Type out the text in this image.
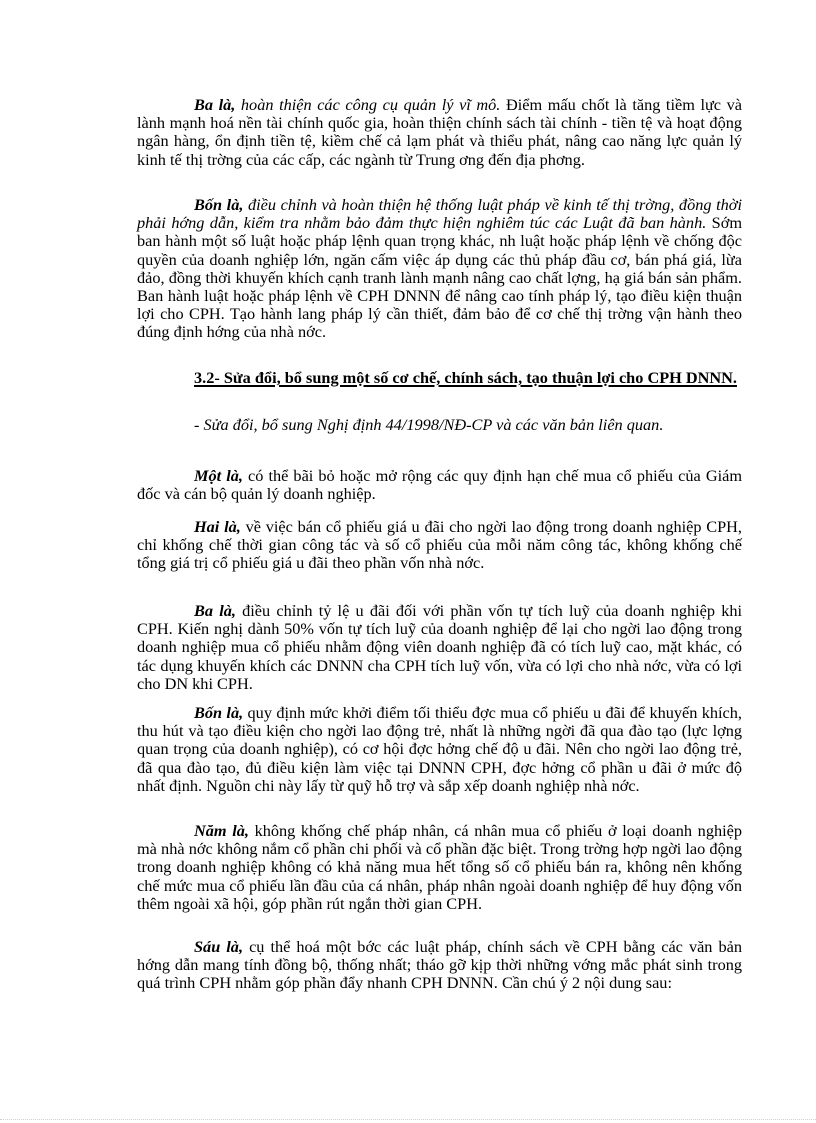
Ba là, hoàn thiện các công cụ quản lý vĩ mô. Điểm mấu chốt là tăng tiềm lực và lành mạnh hoá nền tài chính quốc gia, hoàn thiện chính sách tài chính - tiền tệ và hoạt động ngân hàng, ổn định tiền tệ, kiềm chế cả lạm phát và thiểu phát, nâng cao năng lực quản lý kinh tế thị trờng của các cấp, các ngành từ Trung ơng đến địa phơng.

Bốn là, điều chỉnh và hoàn thiện hệ thống luật pháp về kinh tế thị trờng, đồng thời phải hớng dẫn, kiểm tra nhằm bảo đảm thực hiện nghiêm túc các Luật đã ban hành. Sớm ban hành một số luật hoặc pháp lệnh quan trọng khác, nh luật hoặc pháp lệnh về chống độc quyền của doanh nghiệp lớn, ngăn cấm việc áp dụng các thủ pháp đầu cơ, bán phá giá, lừa đảo, đồng thời khuyến khích cạnh tranh lành mạnh nâng cao chất lợng, hạ giá bán sản phẩm. Ban hành luật hoặc pháp lệnh về CPH DNNN để nâng cao tính pháp lý, tạo điều kiện thuận lợi cho CPH. Tạo hành lang pháp lý cần thiết, đảm bảo để cơ chế thị trờng vận hành theo đúng định hớng của nhà nớc.

3.2- Sửa đổi, bổ sung một số cơ chế, chính sách, tạo thuận lợi cho CPH DNNN.

- Sửa đổi, bổ sung Nghị định 44/1998/NĐ-CP và các văn bản liên quan.

Một là, có thể bãi bỏ hoặc mở rộng các quy định hạn chế mua cổ phiếu của Giám đốc và cán bộ quản lý doanh nghiệp.

Hai là, về việc bán cổ phiếu giá u đãi cho ngời lao động trong doanh nghiệp CPH, chỉ khống chế thời gian công tác và số cổ phiếu của mỗi năm công tác, không khống chế tổng giá trị cổ phiếu giá u đãi theo phần vốn nhà nớc.

Ba là, điều chỉnh tỷ lệ u đãi đối với phần vốn tự tích luỹ của doanh nghiệp khi CPH. Kiến nghị dành 50% vốn tự tích luỹ của doanh nghiệp để lại cho ngời lao động trong doanh nghiệp mua cổ phiếu nhằm động viên doanh nghiệp đã có tích luỹ cao, mặt khác, có tác dụng khuyến khích các DNNN cha CPH tích luỹ vốn, vừa có lợi cho nhà nớc, vừa có lợi cho DN khi CPH.

Bốn là, quy định mức khởi điểm tối thiểu đợc mua cổ phiếu u đãi để khuyến khích, thu hút và tạo điều kiện cho ngời lao động trẻ, nhất là những ngời đã qua đào tạo (lực lợng quan trọng của doanh nghiệp), có cơ hội đợc hởng chế độ u đãi. Nên cho ngời lao động trẻ, đã qua đào tạo, đủ điều kiện làm việc tại DNNN CPH, đợc hởng cổ phần u đãi ở mức độ nhất định. Nguồn chi này lấy từ quỹ hỗ trợ và sắp xếp doanh nghiệp nhà nớc.

Năm là, không khống chế pháp nhân, cá nhân mua cổ phiếu ở loại doanh nghiệp mà nhà nớc không nắm cổ phần chi phối và cổ phần đặc biệt. Trong trờng hợp ngời lao động trong doanh nghiệp không có khả năng mua hết tổng số cổ phiếu bán ra, không nên khống chế mức mua cổ phiếu lần đầu của cá nhân, pháp nhân ngoài doanh nghiệp để huy động vốn thêm ngoài xã hội, góp phần rút ngắn thời gian CPH.

Sáu là, cụ thể hoá một bớc các luật pháp, chính sách về CPH bằng các văn bản hớng dẫn mang tính đồng bộ, thống nhất; tháo gỡ kịp thời những vớng mắc phát sinh trong quá trình CPH nhằm góp phần đẩy nhanh CPH DNNN. Cần chú ý 2 nội dung sau:
